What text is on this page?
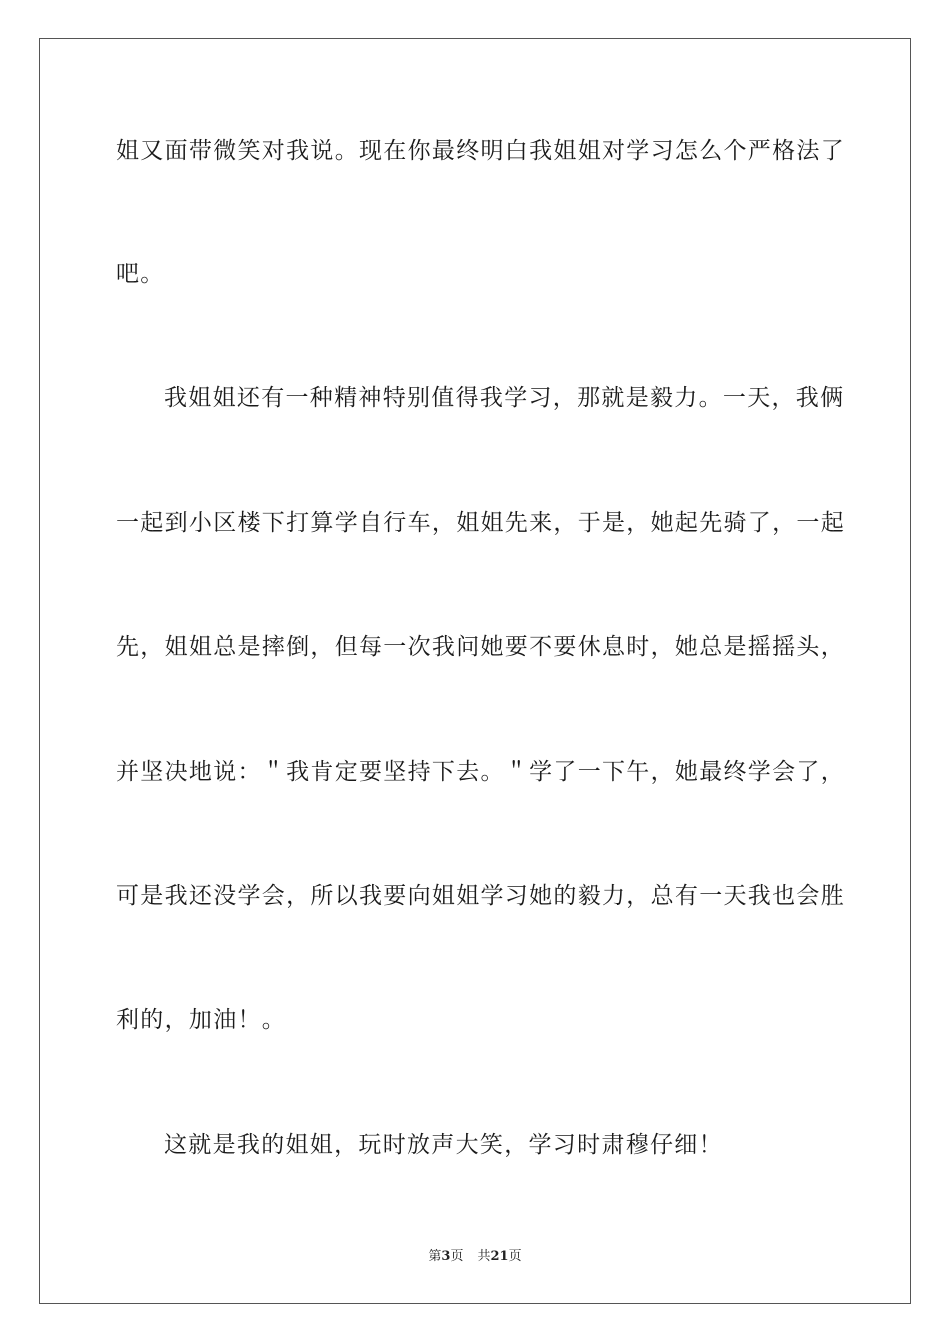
姐又面带微笑对我说。现在你最终明白我姐姐对学习怎么个严格法了
吧。
我姐姐还有一种精神特别值得我学习，那就是毅力。一天，我俩
一起到小区楼下打算学自行车，姐姐先来，于是，她起先骑了，一起
先，姐姐总是摔倒，但每一次我问她要不要休息时，她总是摇摇头，
并坚决地说：＂我肯定要坚持下去。＂学了一下午，她最终学会了，
可是我还没学会，所以我要向姐姐学习她的毅力，总有一天我也会胜
利的，加油！。
这就是我的姐姐，玩时放声大笑，学习时肃穆仔细！
第3页 共21页
